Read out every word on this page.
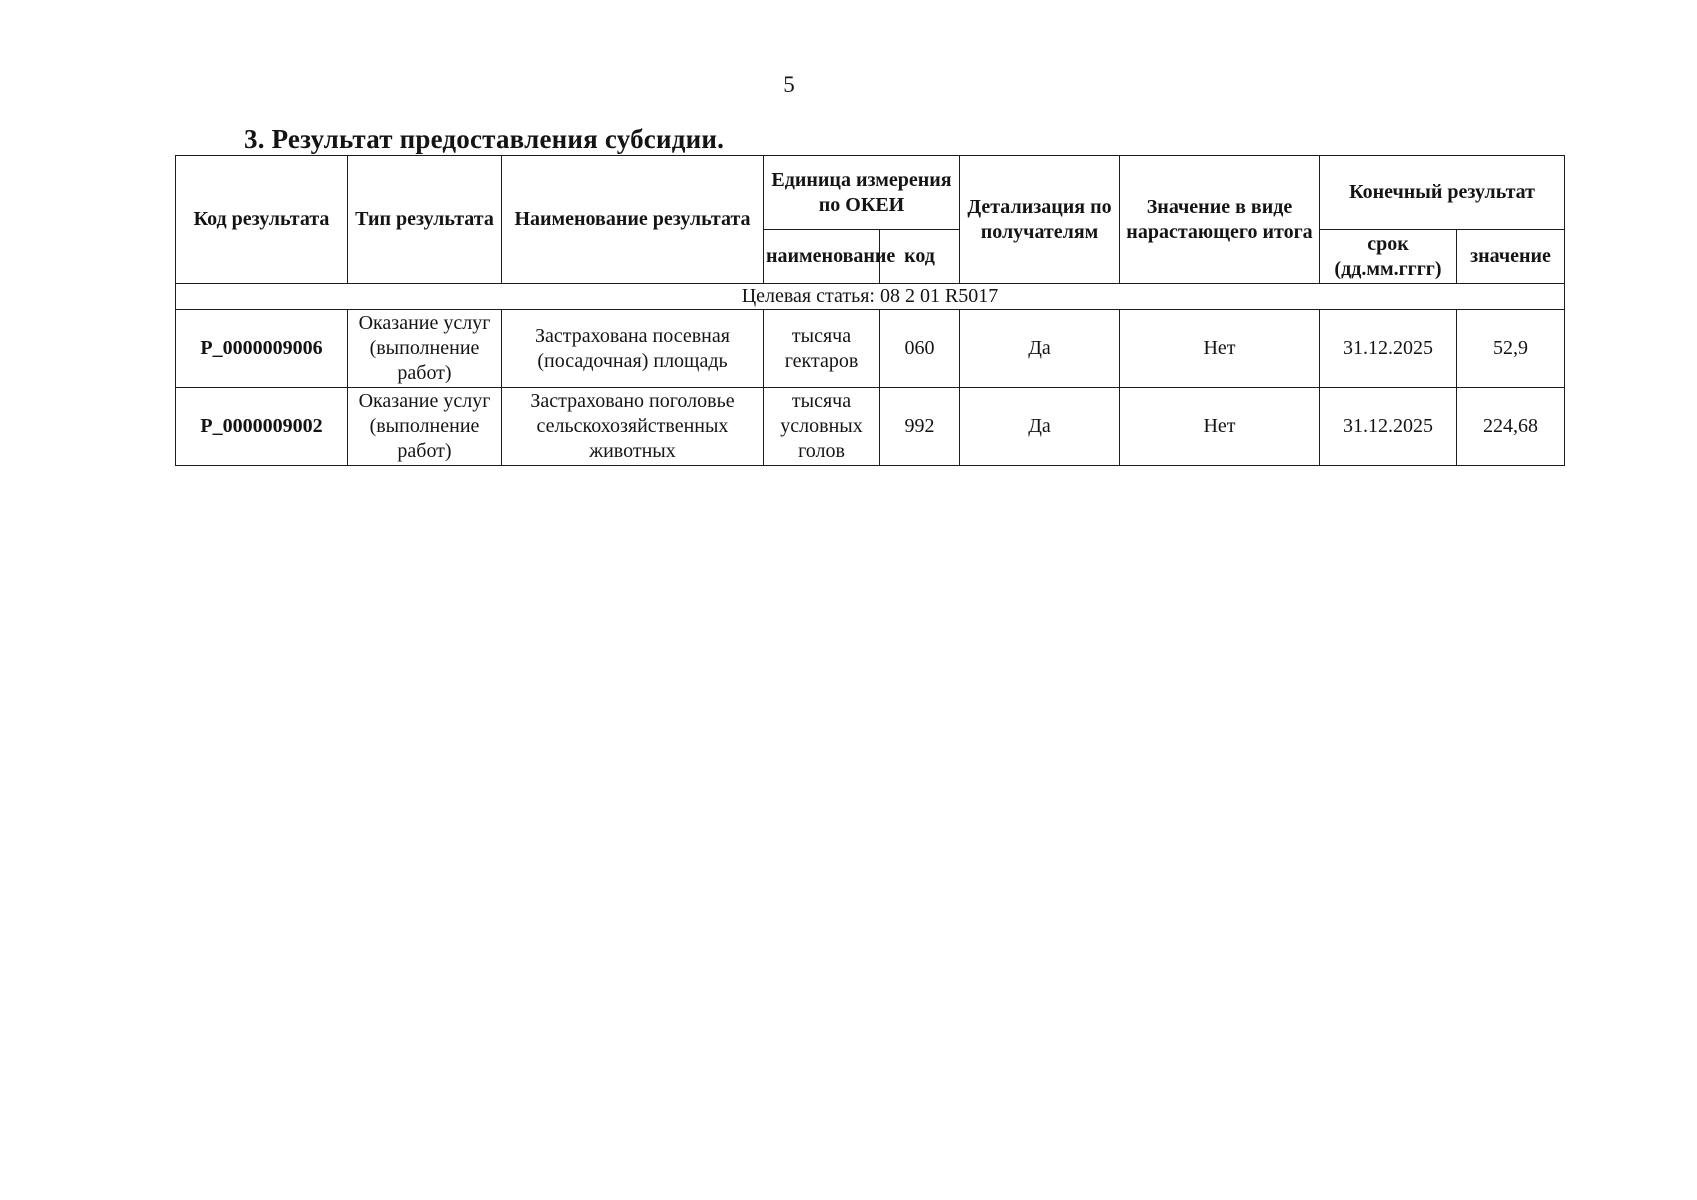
5
3. Результат предоставления субсидии.
Код результата	Тип результата	Наименование результата	Единица измерения по ОКЕИ		Детализация по получателям	Значение в виде нарастающего итога	Конечный результат	
			наименование	код			срок (дд.мм.гггг)	значение
Целевая статья: 08 2 01 R5017								
P_0000009006	Оказание услуг (выполнение работ)	Застрахована посевная (посадочная) площадь	тысяча гектаров	060	Да	Нет	31.12.2025	52,9
P_0000009002	Оказание услуг (выполнение работ)	Застраховано поголовье сельскохозяйственных животных	тысяча условных голов	992	Да	Нет	31.12.2025	224,68
